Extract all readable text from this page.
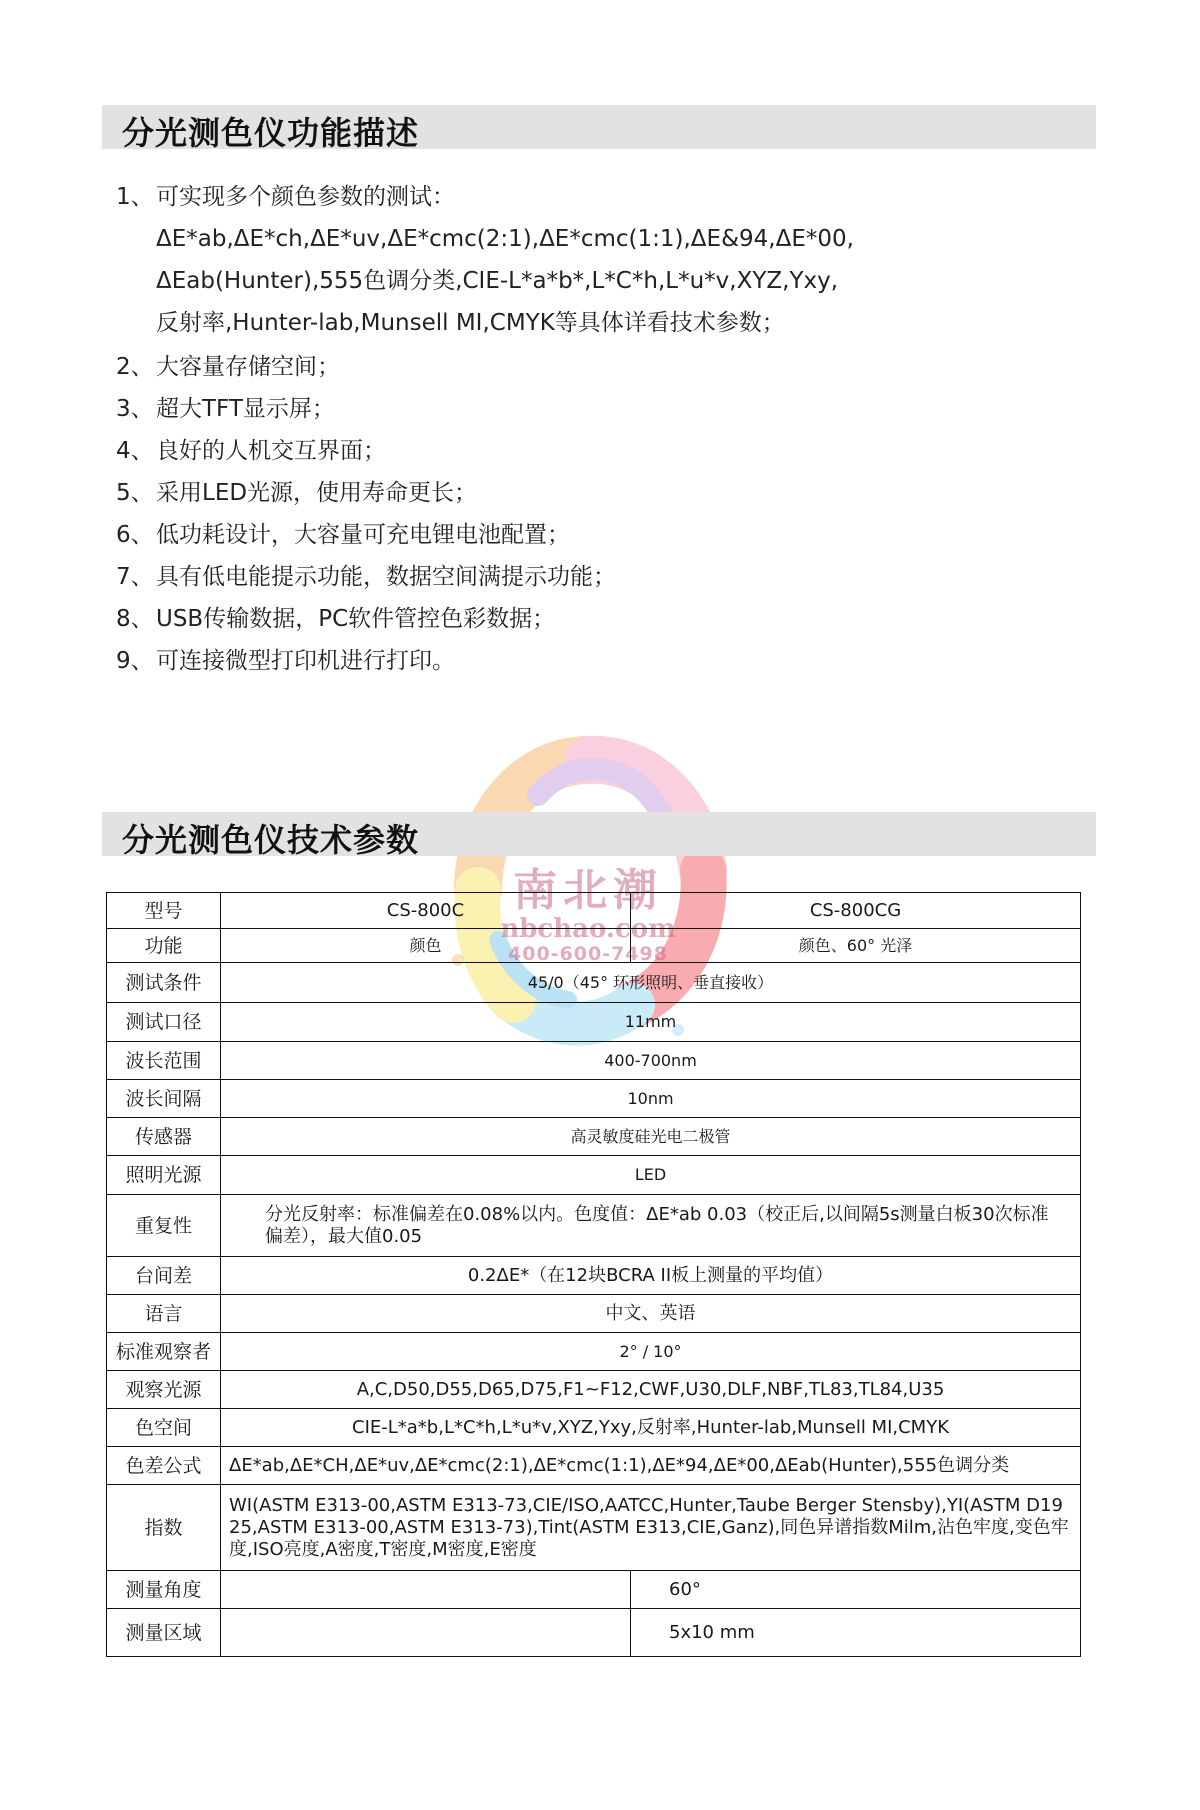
分光测色仪功能描述
1、 可实现多个颜色参数的测试：
ΔE*ab,ΔE*ch,ΔE*uv,ΔE*cmc(2:1),ΔE*cmc(1:1),ΔE&94,ΔE*00,
ΔEab(Hunter),555色调分类,CIE-L*a*b*,L*C*h,L*u*v,XYZ,Yxy,
反射率,Hunter-lab,Munsell MI,CMYK等具体详看技术参数；
2、 大容量存储空间；
3、 超大TFT显示屏；
4、 良好的人机交互界面；
5、 采用LED光源，使用寿命更长；
6、 低功耗设计，大容量可充电锂电池配置；
7、 具有低电能提示功能，数据空间满提示功能；
8、 USB传输数据，PC软件管控色彩数据；
9、 可连接微型打印机进行打印。
南北潮
nbchao.com
400-600-7498
分光测色仪技术参数
型号	CS-800C	CS-800CG
功能	颜色	颜色、60° 光泽
测试条件	45/0（45° 环形照明、垂直接收）	
测试口径	11mm	
波长范围	400-700nm	
波长间隔	10nm	
传感器	高灵敏度硅光电二极管	
照明光源	LED	
重复性	分光反射率：标准偏差在0.08%以内。色度值：ΔE*ab 0.03（校正后,以间隔5s测量白板30次标准偏差），最大值0.05	
台间差	0.2ΔE*（在12块BCRA II板上测量的平均值）	
语言	中文、英语	
标准观察者	2° / 10°	
观察光源	A,C,D50,D55,D65,D75,F1~F12,CWF,U30,DLF,NBF,TL83,TL84,U35	
色空间	CIE-L*a*b,L*C*h,L*u*v,XYZ,Yxy,反射率,Hunter-lab,Munsell MI,CMYK	
色差公式	ΔE*ab,ΔE*CH,ΔE*uv,ΔE*cmc(2:1),ΔE*cmc(1:1),ΔE*94,ΔE*00,ΔEab(Hunter),555色调分类	
指数	WI(ASTM E313-00,ASTM E313-73,CIE/ISO,AATCC,Hunter,Taube Berger Stensby),YI(ASTM D1925,ASTM E313-00,ASTM E313-73),Tint(ASTM E313,CIE,Ganz),同色异谱指数Milm,沾色牢度,变色牢度,ISO亮度,A密度,T密度,M密度,E密度	
测量角度		60°
测量区域		5x10 mm
